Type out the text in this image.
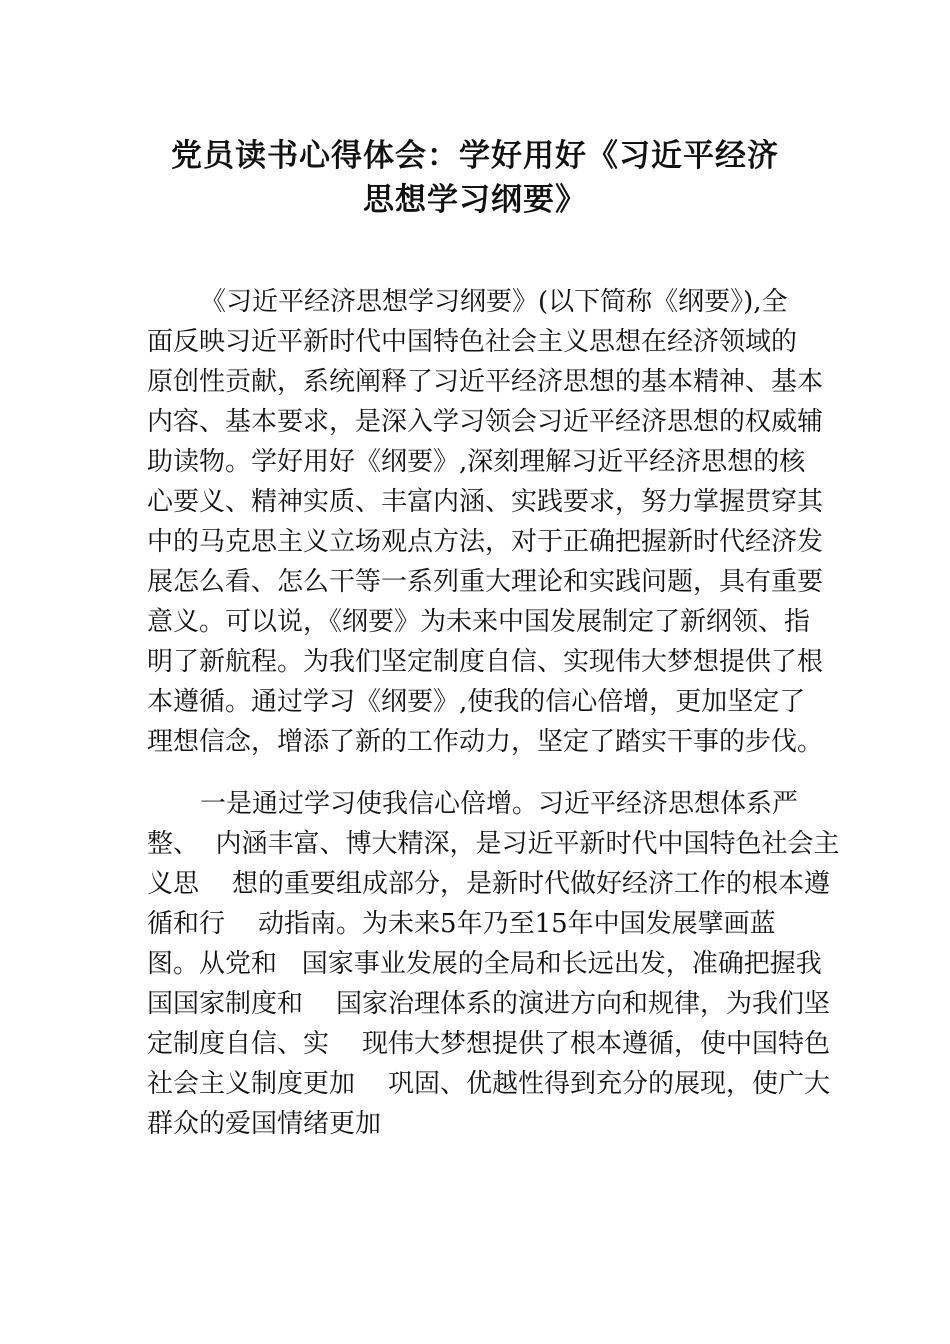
党员读书心得体会：学好用好《习近平经济
思想学习纲要》

《习近平经济思想学习纲要》(以下简称《纲要》),全

面反映习近平新时代中国特色社会主义思想在经济领域的

原创性贡献，系统阐释了习近平经济思想的基本精神、基本

内容、基本要求，是深入学习领会习近平经济思想的权威辅

助读物。学好用好《纲要》,深刻理解习近平经济思想的核

心要义、精神实质、丰富内涵、实践要求，努力掌握贯穿其

中的马克思主义立场观点方法，对于正确把握新时代经济发

展怎么看、怎么干等一系列重大理论和实践问题，具有重要

意义。可以说，《纲要》为未来中国发展制定了新纲领、指

明了新航程。为我们坚定制度自信、实现伟大梦想提供了根

本遵循。通过学习《纲要》,使我的信心倍增，更加坚定了

理想信念，增添了新的工作动力，坚定了踏实干事的步伐。

一是通过学习使我信心倍增。习近平经济思想体系严

整、  内涵丰富、博大精深，是习近平新时代中国特色社会主

义思    想的重要组成部分，是新时代做好经济工作的根本遵

循和行    动指南。为未来5年乃至15年中国发展擘画蓝

图。从党和   国家事业发展的全局和长远出发，准确把握我

国国家制度和    国家治理体系的演进方向和规律，为我们坚

定制度自信、实    现伟大梦想提供了根本遵循，使中国特色

社会主义制度更加    巩固、优越性得到充分的展现，使广大

群众的爱国情绪更加
